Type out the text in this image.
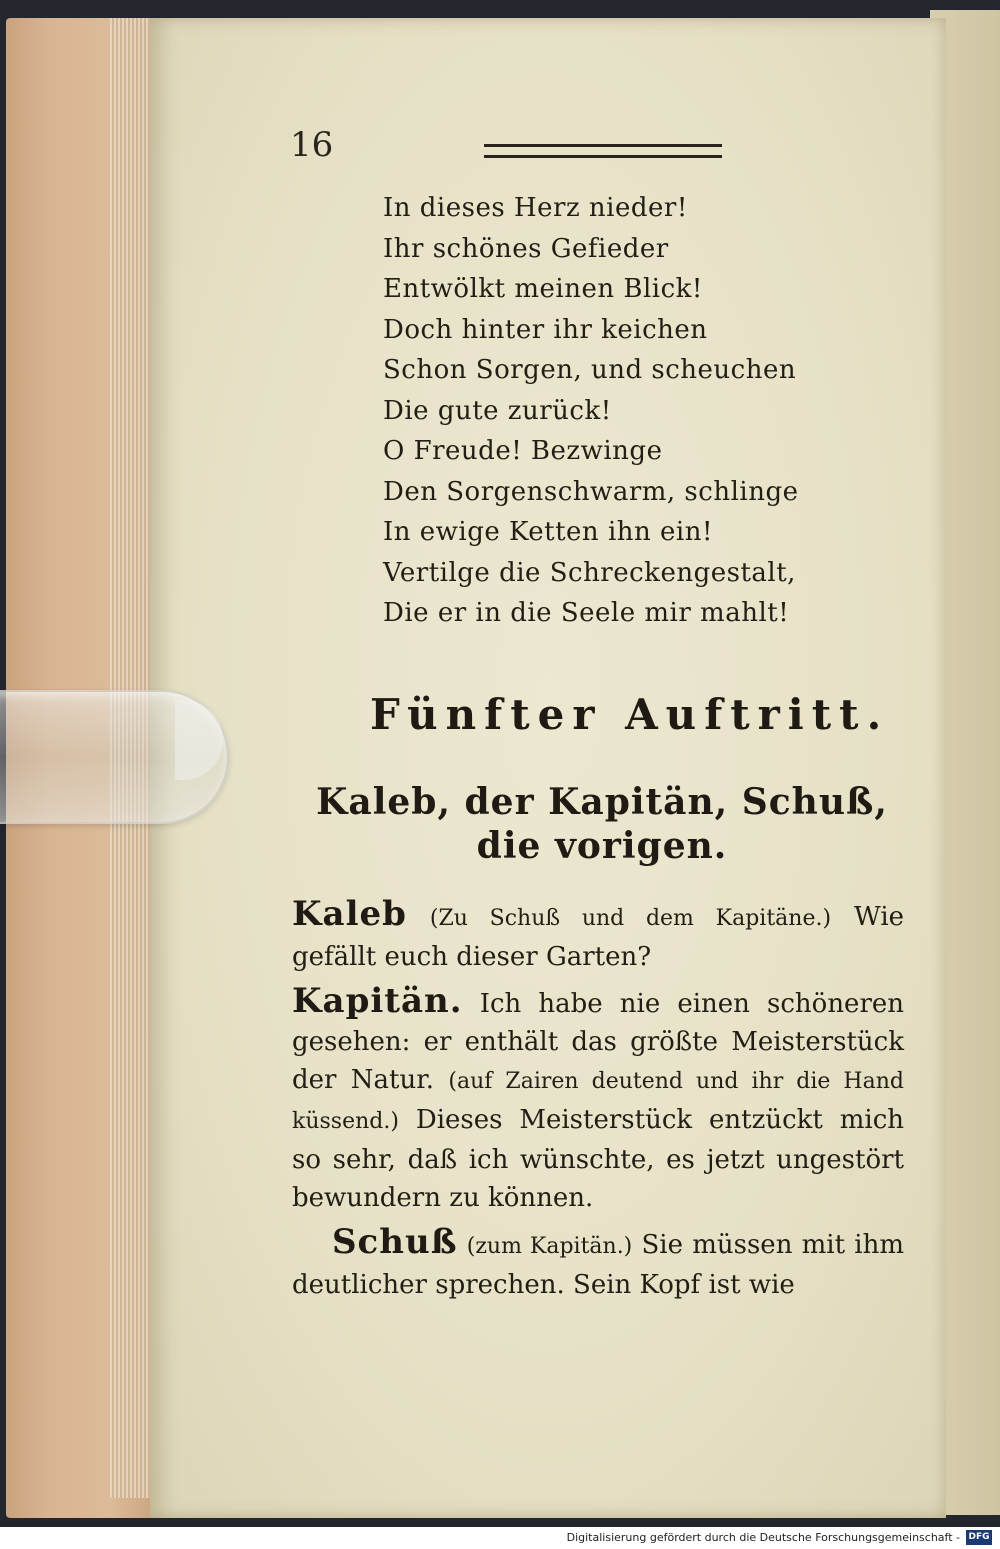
16
In dieses Herz nieder!
Ihr schönes Gefieder
Entwölkt meinen Blick!
Doch hinter ihr keichen
Schon Sorgen, und scheuchen
Die gute zurück!
O Freude! Bezwinge
Den Sorgenschwarm, schlinge
In ewige Ketten ihn ein!
Vertilge die Schreckengestalt,
Die er in die Seele mir mahlt!
Fünfter Auftritt.
Kaleb, der Kapitän, Schuß, die vorigen.

Kaleb (Zu Schuß und dem Kapitäne.) Wie gefällt euch dieser Garten?

Kapitän. Ich habe nie einen schöneren gesehen: er enthält das größte Meisterstück der Natur. (auf Zairen deutend und ihr die Hand küssend.) Dieses Meisterstück entzückt mich so sehr, daß ich wünschte, es jetzt ungestört bewundern zu können.

Schuß (zum Kapitän.) Sie müssen mit ihm deutlicher sprechen. Sein Kopf ist wie

Digitalisierung gefördert durch die Deutsche Forschungsgemeinschaft - DFG
